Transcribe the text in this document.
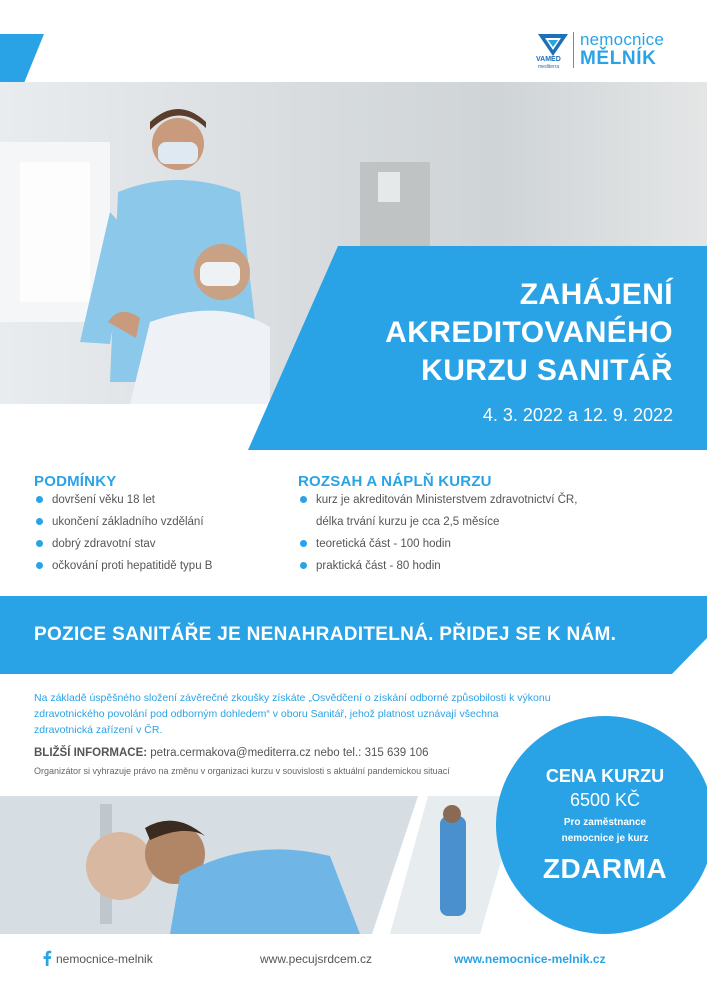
VAMED
mediterra
nemocnice
MĚLNÍK
ZAHÁJENÍ
AKREDITOVANÉHO
KURZU SANITÁŘ
4. 3. 2022 a 12. 9. 2022
PODMÍNKY
dovršení věku 18 let
ukončení základního vzdělání
dobrý zdravotní stav
očkování proti hepatitidě typu B
ROZSAH A NÁPLŇ KURZU
kurz je akreditován Ministerstvem zdravotnictví ČR,
délka trvání kurzu je cca 2,5 měsíce
teoretická část - 100 hodin
praktická část - 80 hodin
POZICE SANITÁŘE JE NENAHRADITELNÁ. PŘIDEJ SE K NÁM.
Na základě úspěšného složení závěrečné zkoušky získáte „Osvědčení o získání odborné způsobilosti k výkonu
zdravotnického povolání pod odborným dohledem“ v oboru Sanitář, jehož platnost uznávají všechna
zdravotnická zařízení v ČR.
BLIŽŠÍ INFORMACE: petra.cermakova@mediterra.cz nebo tel.: 315 639 106
Organizátor si vyhrazuje právo na změnu v organizaci kurzu v souvislosti s aktuální pandemickou situací	CENA KURZU
6500 KČ
Pro zaměstnance
nemocnice je kurz
ZDARMA
nemocnice-melnik	www.pecujsrdcem.cz	www.nemocnice-melnik.cz
